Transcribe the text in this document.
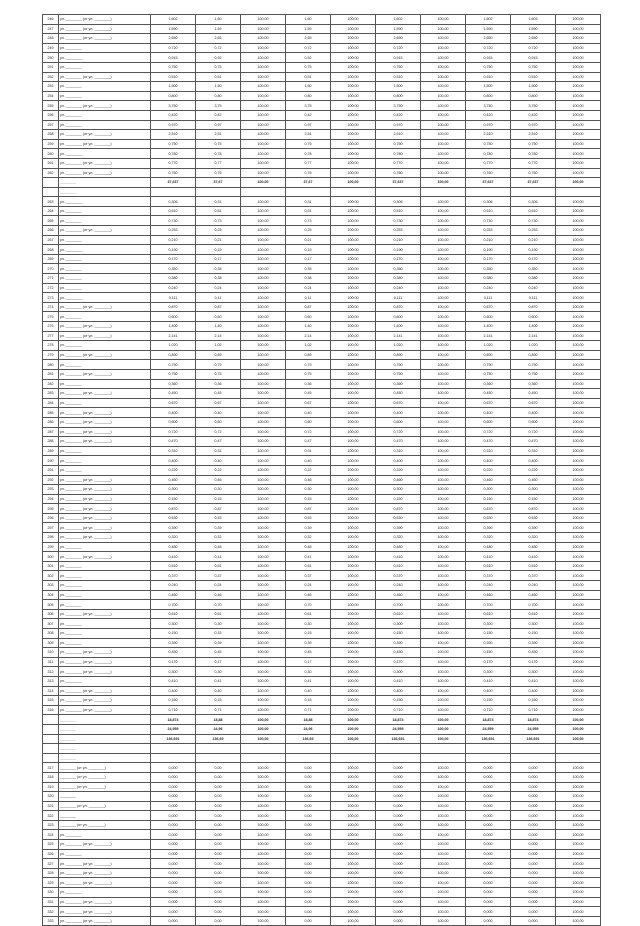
246	ул. ________ (от ул. ________)	1,602	1,60	100,00	1,60	100,00	1,602	100,00	1,602	1,603	100,00
247	ул. ________ (от ул. ________)	1,590	1,59	100,00	1,59	100,00	1,590	100,00	1,590	1,590	100,00
248	ул. ________ (от ул. ________)	2,650	2,65	100,00	2,65	100,00	2,650	100,00	2,650	2,650	100,00
249	ул. ________	0,720	0,72	100,00	0,72	100,00	0,720	100,00	0,720	0,720	100,00
250	ул. ________	0,915	0,92	100,00	0,92	100,00	0,915	100,00	0,915	0,915	100,00
251	ул. ________	0,750	0,75	100,00	0,75	100,00	0,750	100,00	0,750	0,750	100,00
252	ул. ________ (от ул. ________)	0,510	0,51	100,00	0,51	100,00	0,510	100,00	0,510	0,510	100,00
253	ул. ________	1,500	1,50	100,00	1,50	100,00	1,500	100,00	1,500	1,500	100,00
254	ул. ________	0,800	0,80	100,00	0,80	100,00	0,800	100,00	0,800	0,800	100,00
255	ул. ________ (от ул. ________)	3,750	3,75	100,00	3,75	100,00	3,750	100,00	3,750	3,750	100,00
256	ул. ________	0,420	0,42	100,00	0,42	100,00	0,420	100,00	0,420	0,420	100,00
257	ул. ________	0,970	0,97	100,00	0,97	100,00	0,970	100,00	0,970	0,970	100,00
258	ул. ________ (от ул. ________)	2,510	2,51	100,00	2,51	100,00	2,510	100,00	2,510	2,510	100,00
259	ул. ________ (от ул. ________)	0,750	0,75	100,00	0,75	100,00	0,750	100,00	0,750	0,750	100,00
260	ул. ________	0,780	0,78	100,00	0,78	100,00	0,780	100,00	0,780	0,780	100,00
261	ул. ________ (от ул. ________)	0,770	0,77	100,00	0,77	100,00	0,770	100,00	0,770	0,770	100,00
262	ул. ________ (от ул. ________)	0,760	0,76	100,00	0,76	100,00	0,760	100,00	0,760	0,760	100,00
	________	37,637	37,67	100,00	37,67	100,00	37,637	100,00	37,637	37,637	100,00
	________										
263	ул. ________	0,306	0,31	100,00	0,31	100,00	0,306	100,00	0,306	0,306	100,00
264	ул. ________	0,510	0,51	100,00	0,51	100,00	0,510	100,00	0,510	0,510	100,00
265	ул. ________	0,730	0,73	100,00	0,73	100,00	0,730	100,00	0,730	0,730	100,00
266	ул. ________ (от ул. ________)	0,253	0,25	100,00	0,25	100,00	0,253	100,00	0,253	0,253	100,00
267	ул. ________	0,210	0,21	100,00	0,21	100,00	0,210	100,00	0,210	0,210	100,00
268	ул. ________	0,190	0,19	100,00	0,19	100,00	0,190	100,00	0,190	0,190	100,00
269	ул. ________	0,170	0,17	100,00	0,17	100,00	0,170	100,00	0,170	0,170	100,00
270	ул. ________	0,350	0,35	100,00	0,35	100,00	0,350	100,00	0,350	0,350	100,00
271	ул. ________	0,380	0,38	100,00	0,38	100,00	0,380	100,00	0,380	0,380	100,00
272	ул. ________	0,240	0,24	100,00	0,24	100,00	0,240	100,00	0,240	0,240	100,00
273	ул. ________	0,111	0,11	100,00	0,11	100,00	0,111	100,00	0,111	0,111	100,00
274	ул. ________ (от ул. ________)	0,870	0,87	100,00	0,87	100,00	0,870	100,00	0,870	0,870	100,00
275	ул. ________	0,600	0,60	100,00	0,60	100,00	0,600	100,00	0,600	0,600	100,00
276	ул. ________ (от ул. ________)	1,400	1,40	100,00	1,40	100,00	1,400	100,00	1,400	1,400	100,00
277	ул. ________ (от ул. ________)	2,141	2,14	100,00	2,14	100,00	2,141	100,00	2,141	2,141	100,00
278	ул. ________	1,020	1,02	100,00	1,02	100,00	1,020	100,00	1,020	1,020	100,00
279	ул. ________ (от ул. ________)	0,890	0,89	100,00	0,89	100,00	0,890	100,00	0,890	0,890	100,00
280	ул. ________	0,790	0,79	100,00	0,79	100,00	0,790	100,00	0,790	0,790	100,00
281	ул. ________ (от ул. ________)	0,750	0,75	100,00	0,75	100,00	0,750	100,00	0,750	0,750	100,00
282	ул. ________	0,360	0,36	100,00	0,36	100,00	0,360	100,00	0,360	0,360	100,00
283	ул. ________ (от ул. ________)	0,450	0,45	100,00	0,45	100,00	0,450	100,00	0,450	0,450	100,00
284	ул. ________	0,670	0,67	100,00	0,67	100,00	0,670	100,00	0,670	0,670	100,00
285	ул. ________ (от ул. ________)	0,400	0,40	100,00	0,40	100,00	0,400	100,00	0,400	0,400	100,00
286	ул. ________ (от ул. ________)	0,600	0,60	100,00	0,60	100,00	0,600	100,00	0,600	0,600	100,00
287	ул. ________ (от ул. ________)	0,720	0,72	100,00	0,72	100,00	0,720	100,00	0,720	0,720	100,00
288	ул. ________ (от ул. ________)	0,470	0,47	100,00	0,47	100,00	0,470	100,00	0,470	0,470	100,00
289	ул. ________	0,310	0,31	100,00	0,31	100,00	0,310	100,00	0,310	0,310	100,00
290	ул. ________	0,400	0,40	100,00	0,40	100,00	0,400	100,00	0,400	0,400	100,00
291	ул. ________	0,220	0,22	100,00	0,22	100,00	0,220	100,00	0,220	0,220	100,00
292	ул. ________ (от ул. ________)	0,460	0,46	100,00	0,46	100,00	0,460	100,00	0,460	0,460	100,00
293	ул. ________ (от ул. ________)	0,300	0,30	100,00	0,30	100,00	0,300	100,00	0,300	0,300	100,00
294	ул. ________ (от ул. ________)	0,150	0,15	100,00	0,15	100,00	0,150	100,00	0,150	0,150	100,00
295	ул. ________ (от ул. ________)	0,870	0,87	100,00	0,87	100,00	0,870	100,00	0,870	0,870	100,00
296	ул. ________ (от ул. ________)	0,530	0,53	100,00	0,53	100,00	0,530	100,00	0,530	0,530	100,00
297	ул. ________ (от ул. ________)	0,390	0,39	100,00	0,39	100,00	0,390	100,00	0,390	0,390	100,00
298	ул. ________ (от ул. ________)	0,320	0,32	100,00	0,32	100,00	0,320	100,00	0,320	0,320	100,00
299	ул. ________	0,480	0,48	100,00	0,48	100,00	0,480	100,00	0,480	0,480	100,00
300	ул. ________ (от ул. ________)	0,410	0,41	100,00	0,41	100,00	0,410	100,00	0,410	0,410	100,00
301	ул. ________	0,510	0,51	100,00	0,51	100,00	0,510	100,00	0,510	0,510	100,00
302	ул. ________	0,370	0,37	100,00	0,37	100,00	0,370	100,00	0,370	0,370	100,00
303	ул. ________	0,240	0,24	100,00	0,24	100,00	0,240	100,00	0,240	0,240	100,00
304	ул. ________	0,460	0,46	100,00	0,46	100,00	0,460	100,00	0,460	0,460	100,00
305	ул. ________	0,700	0,70	100,00	0,70	100,00	0,700	100,00	0,700	0,700	100,00
306	ул. ________ (от ул. ________)	0,610	0,61	100,00	0,61	100,00	0,610	100,00	0,610	0,610	100,00
307	ул. ________	0,300	0,30	100,00	0,30	100,00	0,300	100,00	0,300	0,300	100,00
308	ул. ________	0,150	0,15	100,00	0,15	100,00	0,150	100,00	0,150	0,150	100,00
309	ул. ________	0,390	0,39	100,00	0,39	100,00	0,390	100,00	0,390	0,390	100,00
310	ул. ________ (от ул. ________)	0,450	0,45	100,00	0,45	100,00	0,450	100,00	0,450	0,450	100,00
311	ул. ________ (от ул. ________)	0,170	0,17	100,00	0,17	100,00	0,170	100,00	0,170	0,170	100,00
312	ул. ________ (от ул. ________)	0,300	0,30	100,00	0,30	100,00	0,300	100,00	0,300	0,300	100,00
313	ул. ________	0,410	0,41	100,00	0,41	100,00	0,410	100,00	0,410	0,410	100,00
314	ул. ________ (от ул. ________)	0,400	0,40	100,00	0,40	100,00	0,400	100,00	0,400	0,400	100,00
315	ул. ________ (от ул. ________)	0,150	0,15	100,00	0,15	100,00	0,150	100,00	0,150	0,150	100,00
316	ул. ________ (от ул. ________)	0,710	0,71	100,00	0,71	100,00	0,710	100,00	0,710	0,710	100,00
	________	18,874	18,88	100,00	18,88	100,00	18,874	100,00	18,874	18,874	100,00
	________	24,959	24,96	100,00	24,96	100,00	24,959	100,00	24,959	24,959	100,00
	________	136,691	136,69	100,00	136,69	100,00	136,691	100,00	136,691	136,691	100,00
	________										
	________										
317	________ (от ул. ________)	0,000	0,00	100,00	0,00	100,00	0,000	100,00	0,000	0,000	100,00
318	________ (от ул. ________)	0,000	0,00	100,00	0,00	100,00	0,000	100,00	0,000	0,000	100,00
319	________ (от ул. ________)	0,000	0,00	100,00	0,00	100,00	0,000	100,00	0,000	0,000	100,00
320	________	0,000	0,00	100,00	0,00	100,00	0,000	100,00	0,000	0,000	100,00
321	________ (от ул. ________)	0,000	0,00	100,00	0,00	100,00	0,000	100,00	0,000	0,000	100,00
322	________	0,000	0,00	100,00	0,00	100,00	0,000	100,00	0,000	0,000	100,00
323	________ (от ул. ________)	0,000	0,00	100,00	0,00	100,00	0,000	100,00	0,000	0,000	100,00
324	ул. ________	0,000	0,00	100,00	0,00	100,00	0,000	100,00	0,000	0,000	100,00
325	ул. ________ (от ул. ________)	0,000	0,00	100,00	0,00	100,00	0,000	100,00	0,000	0,000	100,00
326	ул. ________	0,000	0,00	100,00	0,00	100,00	0,000	100,00	0,000	0,000	100,00
327	ул. ________ (от ул. ________)	0,000	0,00	100,00	0,00	100,00	0,000	100,00	0,000	0,000	100,00
328	ул. ________ (от ул. ________)	0,000	0,00	100,00	0,00	100,00	0,000	100,00	0,000	0,000	100,00
329	ул. ________ (от ул. ________)	0,000	0,00	100,00	0,00	100,00	0,000	100,00	0,000	0,000	100,00
330	ул. ________	0,000	0,00	100,00	0,00	100,00	0,000	100,00	0,000	0,000	100,00
331	ул. ________ (от ул. ________)	0,000	0,00	100,00	0,00	100,00	0,000	100,00	0,000	0,000	100,00
332	ул. ________ (от ул. ________)	0,000	0,00	100,00	0,00	100,00	0,000	100,00	0,000	0,000	100,00
333	ул. ________ (от ул. ________)	0,000	0,00	100,00	0,00	100,00	0,000	100,00	0,000	0,000	100,00
